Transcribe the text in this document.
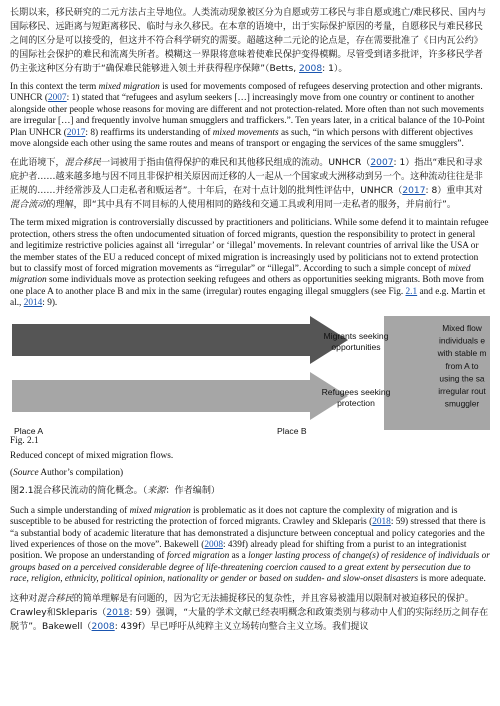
长期以来，移民研究的二元方法占主导地位。人类流动现象被区分为自愿或劳工移民与非自愿或逃亡/难民移民、国内与国际移民、远距离与短距离移民、临时与永久移民。在本章的语境中，出于实际保护原因的考量，自愿移民与难民移民之间的区分是可以接受的，但这并不符合科学研究的需要。超越这种二元论的论点是，存在需要批准了《日内瓦公约》的国际社会保护的难民和流离失所者。模糊这一界限将意味着使难民保护变得模糊。尽管受到诸多批评，许多移民学者仍主张这种区分有助于“确保难民能够进入领土并获得程序保障”（Betts, 2008: 1）。

In this context the term mixed migration is used for movements composed of refugees deserving protection and other migrants. UNHCR (2007: 1) stated that “refugees and asylum seekers […] increasingly move from one country or continent to another alongside other people whose reasons for moving are different and not protection-related. More often than not such movements are irregular […] and frequently involve human smugglers and traffickers.”. Ten years later, in a critical balance of the 10-Point Plan UNHCR (2017: 8) reaffirms its understanding of mixed movements as such, “in which persons with different objectives move alongside each other using the same routes and means of transport or engaging the services of the same smugglers”.

在此语境下，混合移民一词被用于指由值得保护的难民和其他移民组成的流动。UNHCR（2007: 1）指出“难民和寻求庇护者……越来越多地与因不同且非保护相关原因而迁移的人一起从一个国家或大洲移动到另一个。这种流动往往是非正规的……并经常涉及人口走私者和贩运者”。十年后，在对十点计划的批判性评估中，UNHCR（2017: 8）重申其对混合流动的理解，即“其中具有不同目标的人使用相同的路线和交通工具或利用同一走私者的服务，并肩前行”。

The term mixed migration is controversially discussed by practitioners and politicians. While some defend it to maintain refugee protection, others stress the often undocumented situation of forced migrants, question the responsibility to protect in general and legitimize restrictive policies against all ‘irregular’ or ‘illegal’ movements. In relevant countries of arrival like the USA or the member states of the EU a reduced concept of mixed migration is increasingly used by politicians not to extend protection but to classify most of forced migration movements as “irregular” or “illegal”. According to such a simple concept of mixed migration some individuals move as protection seeking refugees and others as opportunities seeking migrants. Both move from one place A to another place B and mix in the same (irregular) routes engaging illegal smugglers (see Fig. 2.1 and e.g. Martin et al., 2014: 9).

Migrants seeking opportunities
Refugees seeking protection
Mixed flow individuals e with stable m from A to using the sa irregular rout smuggler
Place A	Place B

Fig. 2.1

Reduced concept of mixed migration flows.

(Source Author’s compilation)

图2.1混合移民流动的简化概念。（来源：作者编制）

Such a simple understanding of mixed migration is problematic as it does not capture the complexity of migration and is susceptible to be abused for restricting the protection of forced migrants. Crawley and Skleparis (2018: 59) stressed that there is “a substantial body of academic literature that has demonstrated a disjuncture between conceptual and policy categories and the lived experiences of those on the move”. Bakewell (2008: 439f) already plead for shifting from a purist to an integrationist position. We propose an understanding of forced migration as a longer lasting process of change(s) of residence of individuals or groups based on a perceived considerable degree of life-threatening coercion caused to a great extent by persecution due to race, religion, ethnicity, political opinion, nationality or gender or based on sudden- and slow-onset disasters is more adequate.

这种对混合移民的简单理解是有问题的，因为它无法捕捉移民的复杂性，并且容易被滥用以限制对被迫移民的保护。Crawley和Skleparis（2018: 59）强调，“大量的学术文献已经表明概念和政策类别与移动中人们的实际经历之间存在脱节”。Bakewell（2008: 439f）早已呼吁从纯粹主义立场转向整合主义立场。我们提议
